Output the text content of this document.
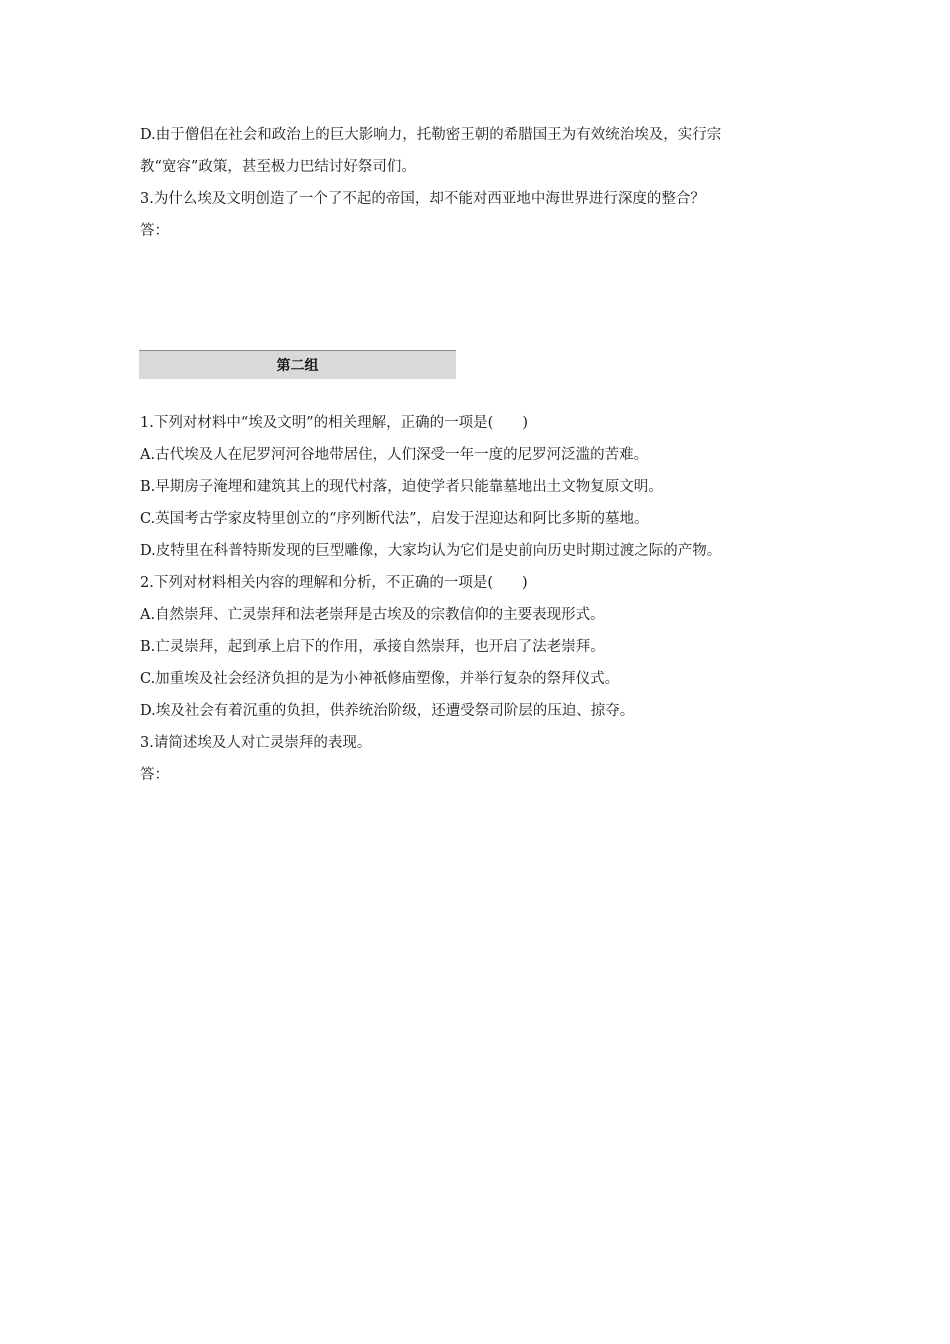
D.由于僧侣在社会和政治上的巨大影响力，托勒密王朝的希腊国王为有效统治埃及，实行宗
教“宽容”政策，甚至极力巴结讨好祭司们。
3.为什么埃及文明创造了一个了不起的帝国，却不能对西亚地中海世界进行深度的整合？
答：
第二组
1.下列对材料中“埃及文明”的相关理解，正确的一项是(　　)
A.古代埃及人在尼罗河河谷地带居住，人们深受一年一度的尼罗河泛滥的苦难。
B.早期房子淹埋和建筑其上的现代村落，迫使学者只能靠墓地出土文物复原文明。
C.英国考古学家皮特里创立的“序列断代法”，启发于涅迎达和阿比多斯的墓地。
D.皮特里在科普特斯发现的巨型雕像，大家均认为它们是史前向历史时期过渡之际的产物。
2.下列对材料相关内容的理解和分析，不正确的一项是(　　)
A.自然崇拜、亡灵崇拜和法老崇拜是古埃及的宗教信仰的主要表现形式。
B.亡灵崇拜，起到承上启下的作用，承接自然崇拜，也开启了法老崇拜。
C.加重埃及社会经济负担的是为小神祇修庙塑像，并举行复杂的祭拜仪式。
D.埃及社会有着沉重的负担，供养统治阶级，还遭受祭司阶层的压迫、掠夺。
3.请简述埃及人对亡灵崇拜的表现。
答：
